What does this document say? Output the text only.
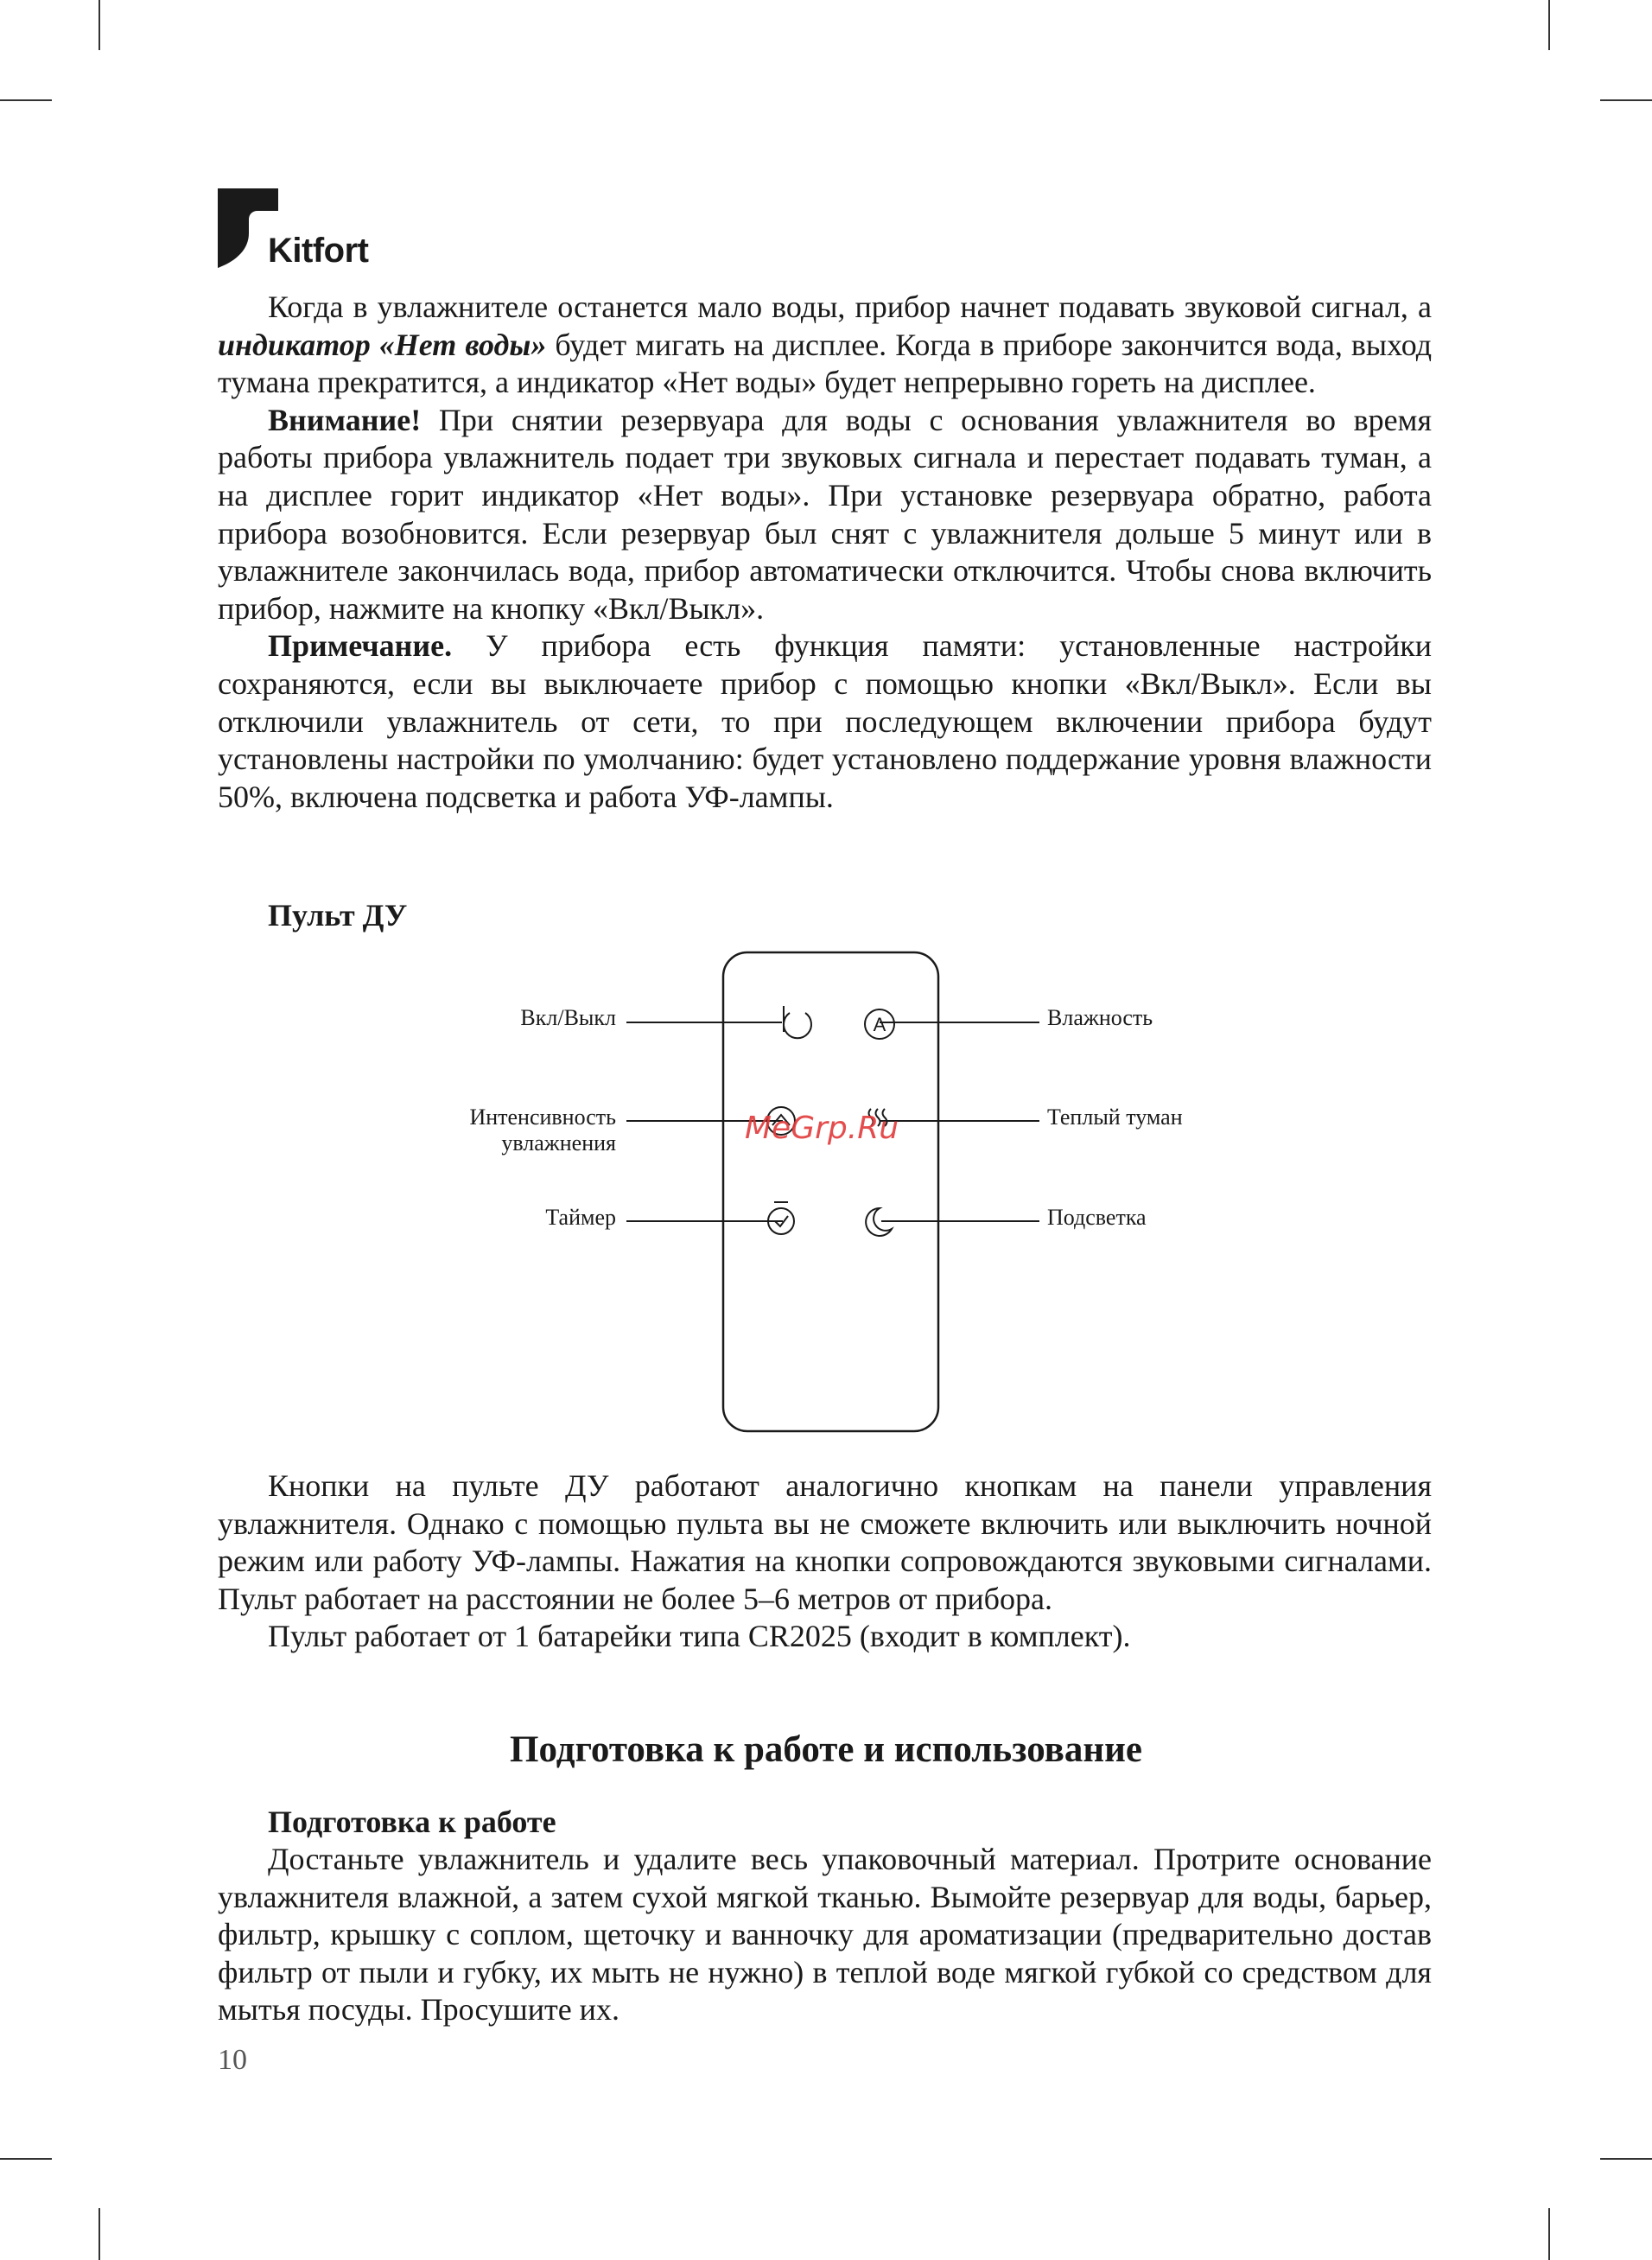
Kitfort

Когда в увлажнителе останется мало воды, прибор начнет подавать звуковой сигнал, а индикатор «Нет воды» будет мигать на дисплее. Когда в приборе закончится вода, выход тумана прекратится, а индикатор «Нет воды» будет непрерывно гореть на дисплее.

Внимание! При снятии резервуара для воды с основания увлажнителя во время работы прибора увлажнитель подает три звуковых сигнала и перестает подавать туман, а на дисплее горит индикатор «Нет воды». При установке резервуара обратно, работа прибора возобновится. Если резервуар был снят с увлажнителя дольше 5 минут или в увлажнителе закончилась вода, прибор автоматически отключится. Чтобы снова включить прибор, нажмите на кнопку «Вкл/Выкл».

Примечание. У прибора есть функция памяти: установленные настройки сохраняются, если вы выключаете прибор с помощью кнопки «Вкл/Выкл». Если вы отключили увлажнитель от сети, то при последующем включении прибора будут установлены настройки по умолчанию: будет установлено поддержание уровня влажности 50%, включена подсветка и работа УФ-лампы.

Пульт ДУ
A
Вкл/Выкл	Влажность
Интенсивность
увлажнения
Теплый туман
Таймер	Подсветка
MeGrp.Ru

Кнопки на пульте ДУ работают аналогично кнопкам на панели управления увлажнителя. Однако с помощью пульта вы не сможете включить или выключить ночной режим или работу УФ-лампы. Нажатия на кнопки сопровождаются звуковыми сигналами. Пульт работает на расстоянии не более 5–6 метров от прибора.

Пульт работает от 1 батарейки типа CR2025 (входит в комплект).

Подготовка к работе и использование
Подготовка к работе

Достаньте увлажнитель и удалите весь упаковочный материал. Протрите основание увлажнителя влажной, а затем сухой мягкой тканью. Вымойте резервуар для воды, барьер, фильтр, крышку с соплом, щеточку и ванночку для ароматизации (предварительно достав фильтр от пыли и губку, их мыть не нужно) в теплой воде мягкой губкой со средством для мытья посуды. Просушите их.

10
